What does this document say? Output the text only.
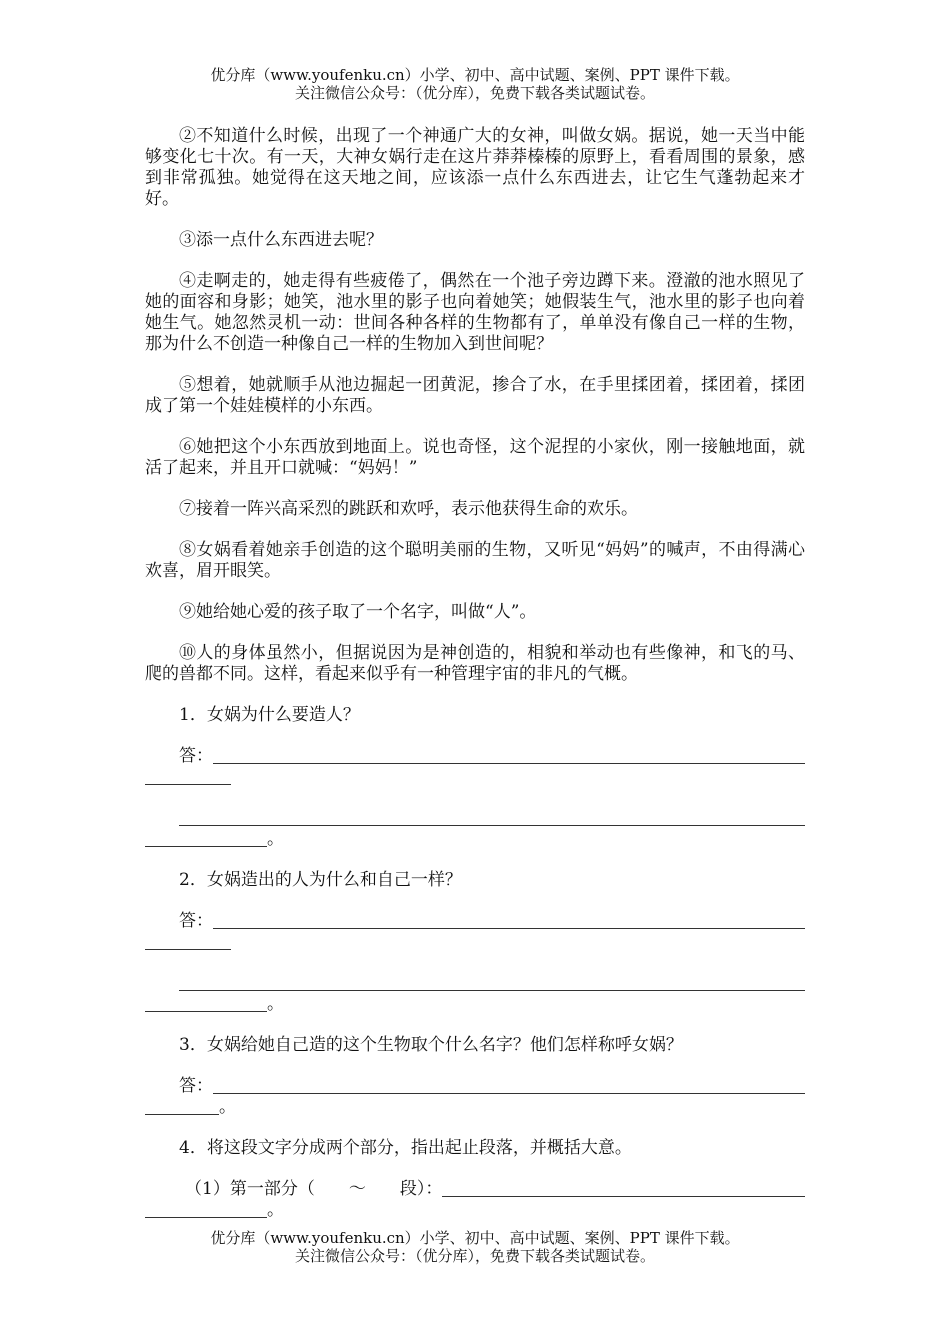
优分库（www.youfenku.cn）小学、初中、高中试题、案例、PPT 课件下载。
关注微信公众号：（优分库），免费下载各类试题试卷。

②不知道什么时候，出现了一个神通广大的女神，叫做女娲。据说，她一天当中能够变化七十次。有一天，大神女娲行走在这片莽莽榛榛的原野上，看看周围的景象，感到非常孤独。她觉得在这天地之间，应该添一点什么东西进去，让它生气蓬勃起来才好。

③添一点什么东西进去呢？

④走啊走的，她走得有些疲倦了，偶然在一个池子旁边蹲下来。澄澈的池水照见了她的面容和身影；她笑，池水里的影子也向着她笑；她假装生气，池水里的影子也向着她生气。她忽然灵机一动：世间各种各样的生物都有了，单单没有像自己一样的生物，那为什么不创造一种像自己一样的生物加入到世间呢？

⑤想着，她就顺手从池边掘起一团黄泥，掺合了水，在手里揉团着，揉团着，揉团成了第一个娃娃模样的小东西。

⑥她把这个小东西放到地面上。说也奇怪，这个泥捏的小家伙，刚一接触地面，就活了起来，并且开口就喊：“妈妈！”

⑦接着一阵兴高采烈的跳跃和欢呼，表示他获得生命的欢乐。

⑧女娲看着她亲手创造的这个聪明美丽的生物，又听见“妈妈”的喊声，不由得满心欢喜，眉开眼笑。

⑨她给她心爱的孩子取了一个名字，叫做“人”。

⑩人的身体虽然小，但据说因为是神创造的，相貌和举动也有些像神，和飞的马、爬的兽都不同。这样，看起来似乎有一种管理宇宙的非凡的气概。

1．女娲为什么要造人？

答：
。

2．女娲造出的人为什么和自己一样？

答：
。

3．女娲给她自己造的这个生物取个什么名字？他们怎样称呼女娲？

答：
。

4．将这段文字分成两个部分，指出起止段落，并概括大意。

（1）第一部分（　　～　　段）：
。
优分库（www.youfenku.cn）小学、初中、高中试题、案例、PPT 课件下载。
关注微信公众号：（优分库），免费下载各类试题试卷。
